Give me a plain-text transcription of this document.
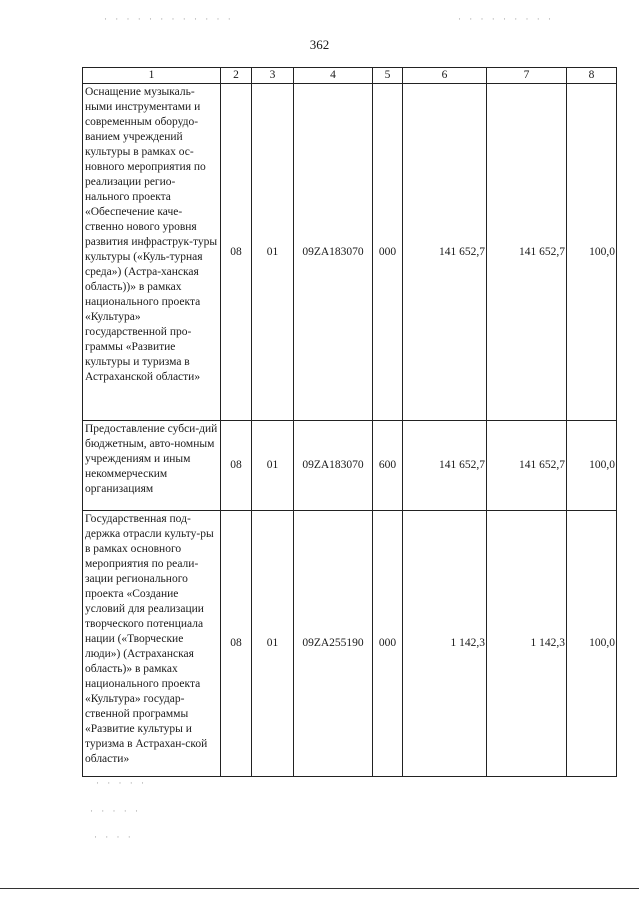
· · · · · · · · · · · ·	· · · · · · · · ·
362
1	2	3	4	5	6	7	8
Оснащение музыкаль-ными инструментами и современным оборудо-ванием учреждений культуры в рамках ос-новного мероприятия по реализации регио-нального проекта «Обеспечение каче-ственно нового уровня развития инфраструк-туры культуры («Куль-турная среда») (Астра-ханская область))» в рамках национального проекта «Культура» государственной про-граммы «Развитие культуры и туризма в Астраханской области»	08	01	09ZA183070	000	141 652,7	141 652,7	100,0
Предоставление субси-дий бюджетным, авто-номным учреждениям и иным некоммерческим организациям	08	01	09ZA183070	600	141 652,7	141 652,7	100,0
Государственная под-держка отрасли культу-ры в рамках основного мероприятия по реали-зации регионального проекта «Создание условий для реализации творческого потенциала нации («Творческие люди») (Астраханская область)» в рамках национального проекта «Культура» государ-ственной программы «Развитие культуры и туризма в Астрахан-ской области»	08	01	09ZA255190	000	1 142,3	1 142,3	100,0
· · · · ·
· · · · ·
· · · ·
